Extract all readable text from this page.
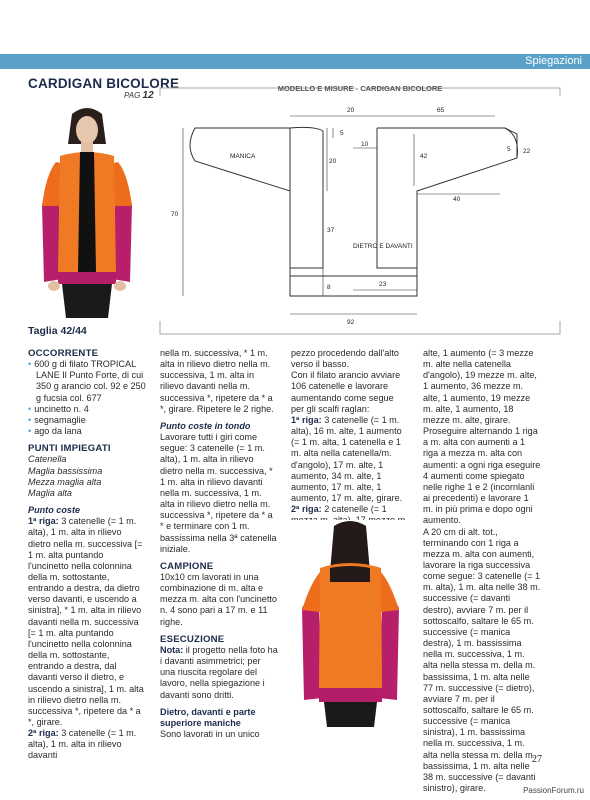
Spiegazioni
CARDIGAN BICOLORE
PAG 12
MODELLO E MISURE - CARDIGAN BICOLORE
MANICA
DIETRO E DAVANTI
20	65
5
10
42
5 22
20
40
70
37
8	23
92
Taglia 42/44

OCCORRENTE

• 600 g di filato TROPICAL LANE Il Punto Forte, di cui 350 g arancio col. 92 e 250 g fucsia col. 677

• uncinetto n. 4

• segnamaglie

• ago da lana

PUNTI IMPIEGATI

Catenella

Maglia bassissima

Mezza maglia alta

Maglia alta

Punto coste

1ª riga: 3 catenelle (= 1 m. alta), 1 m. alta in rilievo dietro nella m. successiva [= 1 m. alta puntando l'uncinetto nella colonnina della m. sottostante, entrando a destra, da dietro verso davanti, e uscendo a sinistra], * 1 m. alta in rilievo davanti nella m. successiva [= 1 m. alta puntando l'uncinetto nella colonnina della m. sottostante, entrando a destra, dal davanti verso il dietro, e uscendo a sinistra], 1 m. alta in rilievo dietro nella m. successiva *, ripetere da * a *, girare.

2ª riga: 3 catenelle (= 1 m. alta), 1 m. alta in rilievo davanti

nella m. successiva, * 1 m. alta in rilievo dietro nella m. successiva, 1 m. alta in rilievo davanti nella m. successiva *, ripetere da * a *, girare. Ripetere le 2 righe.

Punto coste in tondo

Lavorare tutti i giri come segue: 3 catenelle (= 1 m. alta), 1 m. alta in rilievo dietro nella m. successiva, * 1 m. alta in rilievo davanti nella m. successiva, 1 m. alta in rilievo dietro nella m. successiva *, ripetere da * a * e terminare con 1 m. bassissima nella 3ª catenella iniziale.

CAMPIONE

10x10 cm lavorati in una combinazione di m. alta e mezza m. alta con l'uncinetto n. 4 sono pari a 17 m. e 11 righe.

ESECUZIONE

Nota: il progetto nella foto ha i davanti asimmetrici; per una riuscita regolare del lavoro, nella spiegazione i davanti sono dritti.

Dietro, davanti e parte superiore maniche

Sono lavorati in un unico

pezzo procedendo dall'alto verso il basso.

Con il filato arancio avviare 106 catenelle e lavorare aumentando come segue per gli scalfi raglan:

1ª riga: 3 catenelle (= 1 m. alta), 16 m. alte, 1 aumento (= 1 m. alta, 1 catenella e 1 m. alta nella catenella/m. d'angolo), 17 m. alte, 1 aumento, 34 m. alte, 1 aumento, 17 m. alte, 1 aumento, 17 m. alte, girare.

2ª riga: 2 catenelle (= 1

alte, 1 aumento (= 3 mezze m. alte nella catenella d'angolo), 19 mezze m. alte, 1 aumento, 36 mezze m. alte, 1 aumento, 19 mezze m. alte, 1 aumento, 18 mezze m. alte, girare.

Proseguire alternando 1 riga a m. alta con aumenti a 1 riga a mezza m. alta con aumenti: a ogni riga eseguire 4 aumenti come spiegato nelle righe 1 e 2 (incornlanli ai precedenti) e lavorare 1 m. in più prima e dopo ogni aumento.

A 20 cm di alt. tot., terminando con 1 riga a mezza m. alta con aumenti, lavorare la riga successiva come segue: 3 catenelle (= 1 m. alta), 1 m. alta nelle 38 m. successive (= davanti destro), avviare 7 m. per il sottoscalfo, saltare le 65 m. successive (= manica destra), 1 m. bassissima nella m. successiva, 1 m. alta nella stessa m. della m. bassissima, 1 m. alta nelle 77 m. successive (= dietro), avviare 7 m. per il sottoscalfo, saltare le 65 m. successive (= manica sinistra), 1 m. bassissima nella m. successiva, 1 m. alta nella stessa m. della m. bassissima, 1 m. alta nelle 38 m. successive (= davanti sinistro), girare.

27
PassionForum.ru
